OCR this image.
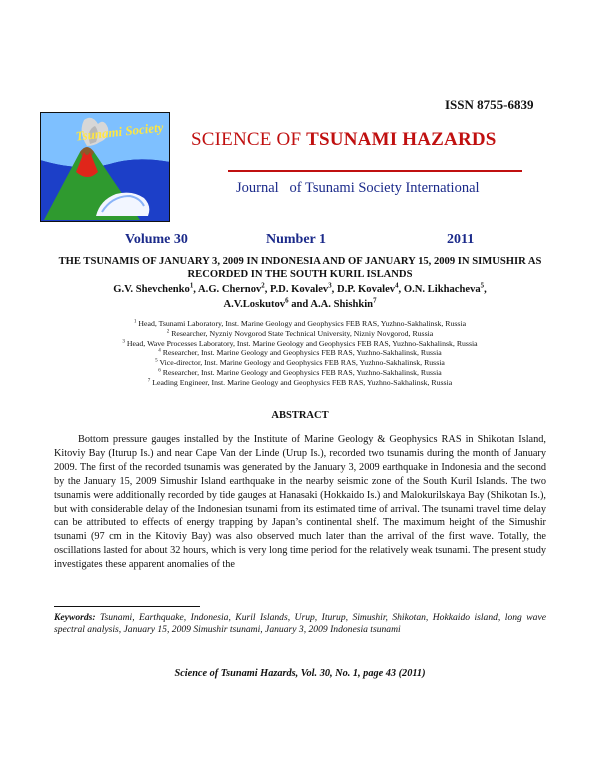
ISSN 8755-6839
Tsunami Society SCIENCE OF TSUNAMI HAZARDS
Journal   of Tsunami Society International
Volume 30	Number 1	2011
THE TSUNAMIS OF JANUARY 3, 2009 IN INDONESIA AND OF JANUARY 15, 2009 IN SIMUSHIR AS RECORDED IN THE SOUTH KURIL ISLANDS
G.V. Shevchenko$^1$, A.G. Chernov$^2$, P.D. Kovalev$^3$, D.P. Kovalev$^4$, O.N. Likhacheva$^5$,
A.V.Loskutov$^6$ and A.A. Shishkin$^7$
$^1$ Head, Tsunami Laboratory, Inst. Marine Geology and Geophysics FEB RAS, Yuzhno-Sakhalinsk, Russia
$^2$ Researcher, Nyzniy Novgorod State Technical University, Nizniy Novgorod, Russia
$^3$ Head, Wave Processes Laboratory, Inst. Marine Geology and Geophysics FEB RAS, Yuzhno-Sakhalinsk, Russia
$^4$ Researcher, Inst. Marine Geology and Geophysics FEB RAS, Yuzhno-Sakhalinsk, Russia
$^5$ Vice-director, Inst. Marine Geology and Geophysics FEB RAS, Yuzhno-Sakhalinsk, Russia
$^6$ Researcher, Inst. Marine Geology and Geophysics FEB RAS, Yuzhno-Sakhalinsk, Russia
$^7$ Leading Engineer, Inst. Marine Geology and Geophysics FEB RAS, Yuzhno-Sakhalinsk, Russia
ABSTRACT
Bottom pressure gauges installed by the Institute of Marine Geology & Geophysics RAS in Shikotan Island, Kitoviy Bay (Iturup Is.) and near Cape Van der Linde (Urup Is.), recorded two tsunamis during the month of January 2009. The first of the recorded tsunamis was generated by the January 3, 2009 earthquake in Indonesia and the second by the January 15, 2009 Simushir Island earthquake in the nearby seismic zone of the South Kuril Islands. The two tsunamis were additionally recorded by tide gauges at Hanasaki (Hokkaido Is.) and Malokurilskaya Bay (Shikotan Is.), but with considerable delay of the Indonesian tsunami from its estimated time of arrival. The tsunami travel time delay can be attributed to effects of energy trapping by Japan’s continental shelf. The maximum height of the Simushir tsunami (97 cm in the Kitoviy Bay) was also observed much later than the arrival of the first wave. Totally, the oscillations lasted for about 32 hours, which is very long time period for the relatively weak tsunami. The present study investigates these apparent anomalies of the
Keywords: Tsunami, Earthquake, Indonesia, Kuril Islands, Urup, Iturup, Simushir, Shikotan, Hokkaido island, long wave spectral analysis, January 15, 2009 Simushir tsunami, January 3, 2009 Indonesia tsunami
Science of Tsunami Hazards, Vol. 30, No. 1, page 43 (2011)
